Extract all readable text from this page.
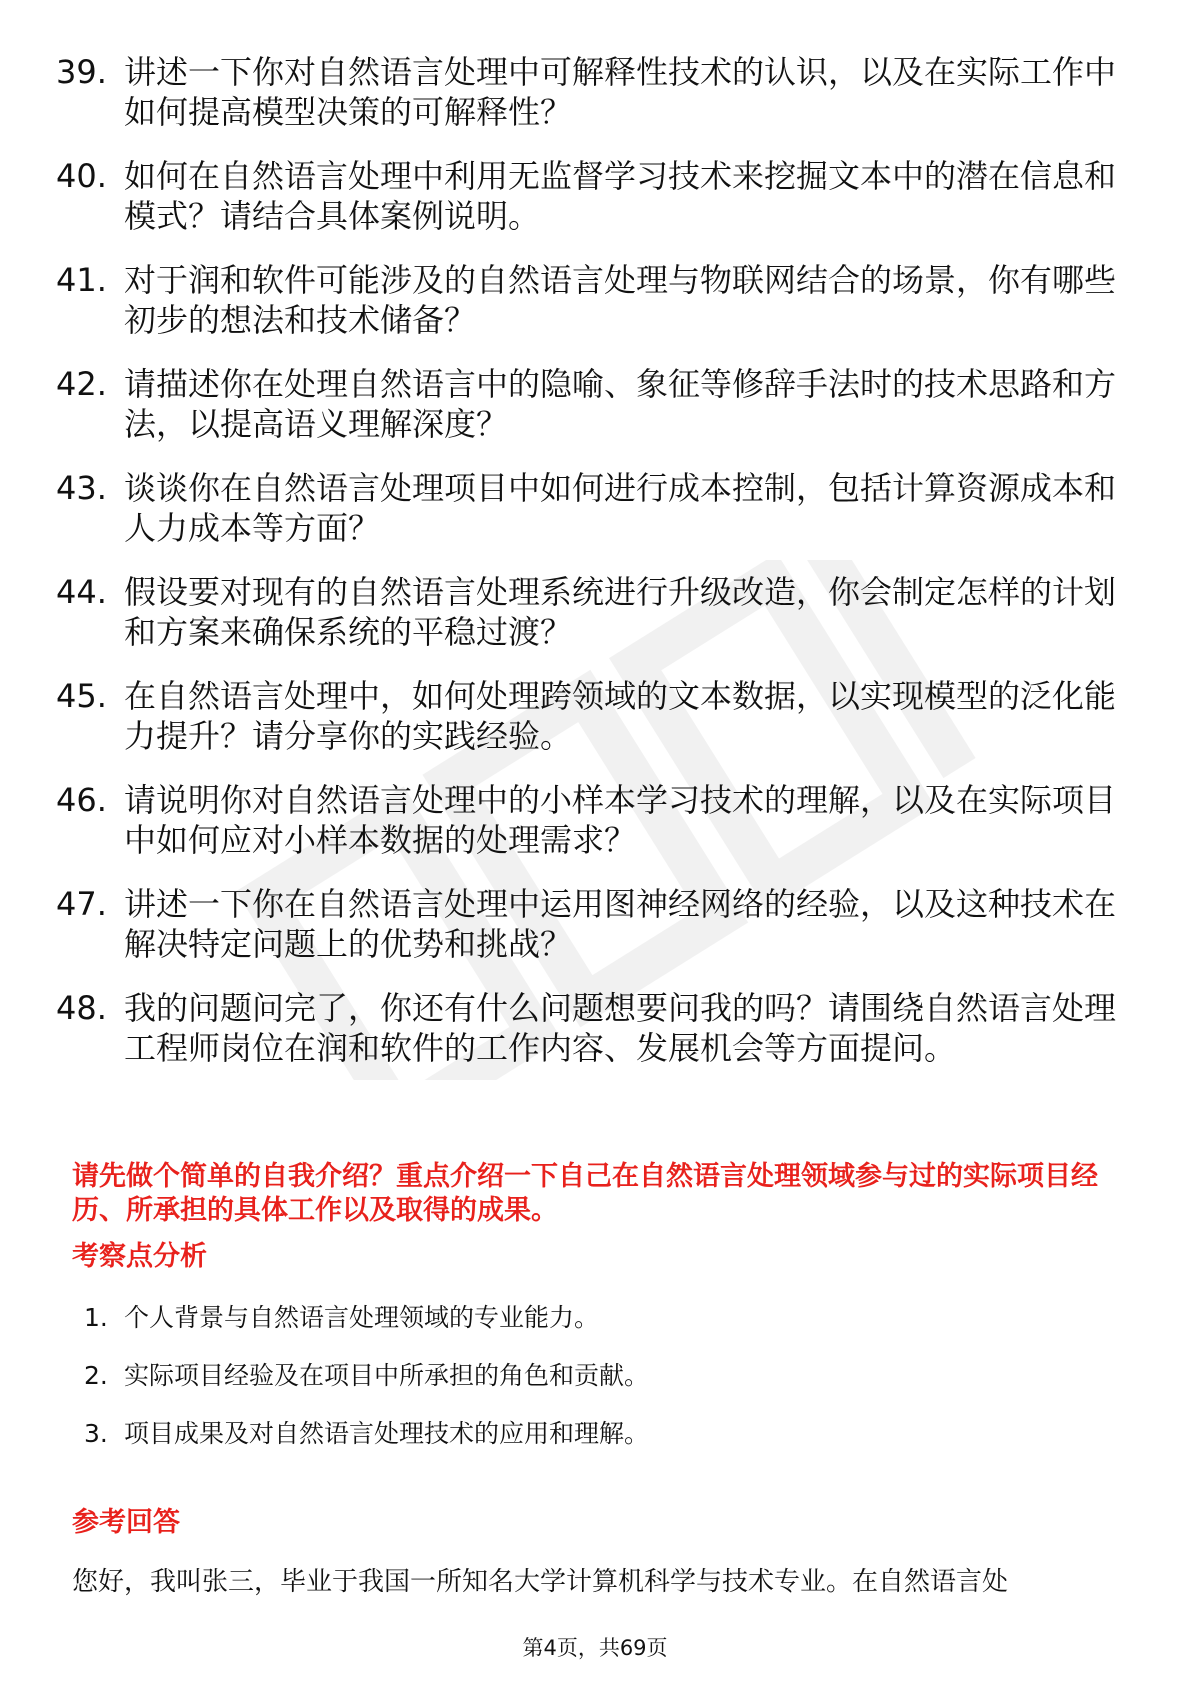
39. 讲述一下你对自然语言处理中可解释性技术的认识，以及在实际工作中如何提高模型决策的可解释性？
40. 如何在自然语言处理中利用无监督学习技术来挖掘文本中的潜在信息和模式？请结合具体案例说明。
41. 对于润和软件可能涉及的自然语言处理与物联网结合的场景，你有哪些初步的想法和技术储备？
42. 请描述你在处理自然语言中的隐喻、象征等修辞手法时的技术思路和方法，以提高语义理解深度？
43. 谈谈你在自然语言处理项目中如何进行成本控制，包括计算资源成本和人力成本等方面？
44. 假设要对现有的自然语言处理系统进行升级改造，你会制定怎样的计划和方案来确保系统的平稳过渡？
45. 在自然语言处理中，如何处理跨领域的文本数据，以实现模型的泛化能力提升？请分享你的实践经验。
46. 请说明你对自然语言处理中的小样本学习技术的理解，以及在实际项目中如何应对小样本数据的处理需求？
47. 讲述一下你在自然语言处理中运用图神经网络的经验，以及这种技术在解决特定问题上的优势和挑战？
48. 我的问题问完了，你还有什么问题想要问我的吗？请围绕自然语言处理工程师岗位在润和软件的工作内容、发展机会等方面提问。
请先做个简单的自我介绍？重点介绍一下自己在自然语言处理领域参与过的实际项目经历、所承担的具体工作以及取得的成果。
考察点分析
1. 个人背景与自然语言处理领域的专业能力。
2. 实际项目经验及在项目中所承担的角色和贡献。
3. 项目成果及对自然语言处理技术的应用和理解。
参考回答
您好，我叫张三，毕业于我国一所知名大学计算机科学与技术专业。在自然语言处
第4页，共69页
